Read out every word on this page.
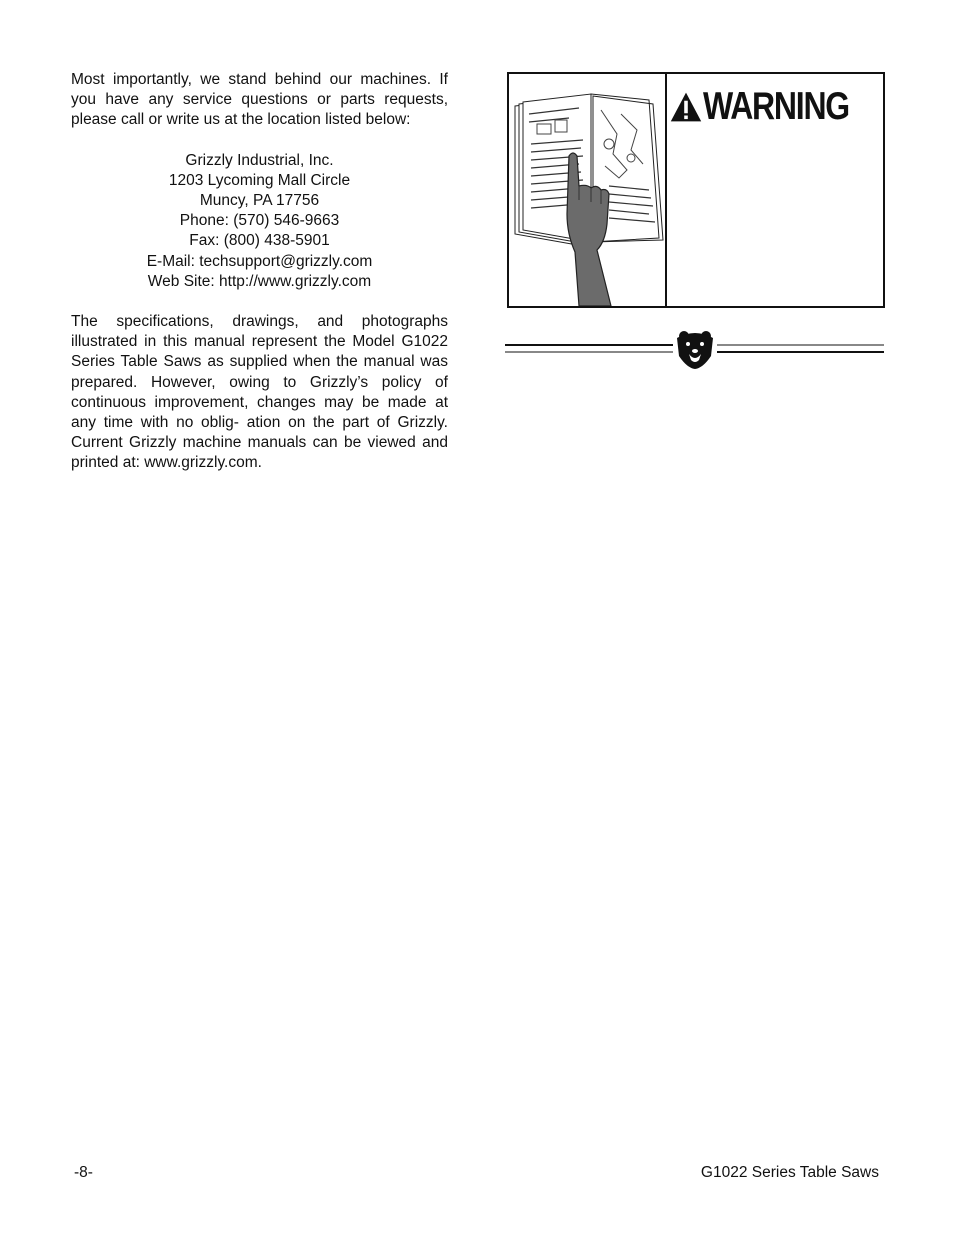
Most importantly, we stand behind our machines. If you have any service questions or parts requests, please call or write us at the location listed below:

Grizzly Industrial, Inc.
1203 Lycoming Mall Circle
Muncy, PA 17756
Phone: (570) 546-9663
Fax: (800) 438-5901
E-Mail: techsupport@grizzly.com
Web Site: http://www.grizzly.com

The specifications, drawings, and photographs illustrated in this manual represent the Model G1022 Series Table Saws as supplied when the manual was prepared. However, owing to Grizzly’s policy of continuous improvement, changes may be made at any time with no oblig- ation on the part of Grizzly. Current Grizzly machine manuals can be viewed and printed at: www.grizzly.com.

WARNING
-8-	G1022 Series Table Saws
